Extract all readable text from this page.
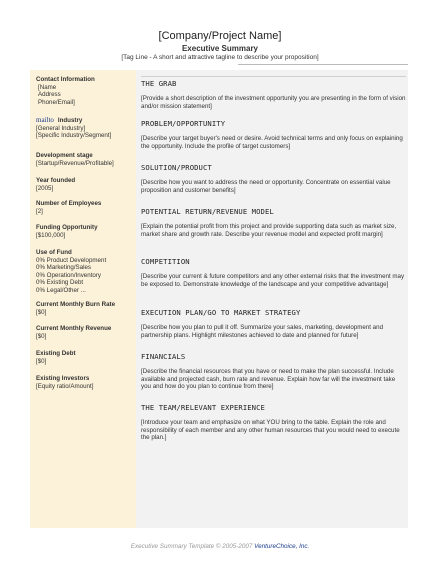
[Company/Project Name]
Executive Summary
[Tag Line - A short and attractive tagline to describe your proposition]
Contact Information
[Name
Address
Phone/Email]
mailto Industry
[General Industry]
[Specific Industry/Segment]
Development stage
[Startup/Revenue/Profitable]
Year founded
[2005]
Number of Employees
[2]
Funding Opportunity
[$100,000]
Use of Fund
0% Product Development
0% Marketing/Sales
0% Operation/Inventory
0% Existing Debt
0% Legal/Other ...
Current Monthly Burn Rate
[$0]
Current Monthly Revenue
[$0]
Existing Debt
[$0]
Existing Investors
[Equity ratio/Amount]
THE GRAB
[Provide a short description of the investment opportunity you are presenting in the form of vision and/or mission statement]
PROBLEM/OPPORTUNITY
[Describe your target buyer's need or desire. Avoid technical terms and only focus on explaining the opportunity. Include the profile of target customers]
SOLUTION/PRODUCT
[Describe how you want to address the need or opportunity. Concentrate on essential value proposition and customer benefits]
POTENTIAL RETURN/REVENUE MODEL
[Explain the potential profit from this project and provide supporting data such as market size, market share and growth rate. Describe your revenue model and expected profit margin]
COMPETITION
[Describe your current & future competitors and any other external risks that the investment may be exposed to. Demonstrate knowledge of the landscape and your competitive advantage]
EXECUTION PLAN/GO TO MARKET STRATEGY
[Describe how you plan to pull it off. Summarize your sales, marketing, development and partnership plans. Highlight milestones achieved to date and planned for future]
FINANCIALS
[Describe the financial resources that you have or need to make the plan successful. Include available and projected cash, burn rate and revenue. Explain how far will the investment take you and how do you plan to continue from there]
THE TEAM/RELEVANT EXPERIENCE
[Introduce your team and emphasize on what YOU bring to the table. Explain the role and responsibility of each member and any other human resources that you would need to execute the plan.]
Executive Summary Template © 2005-2007 VentureChoice, Inc.
